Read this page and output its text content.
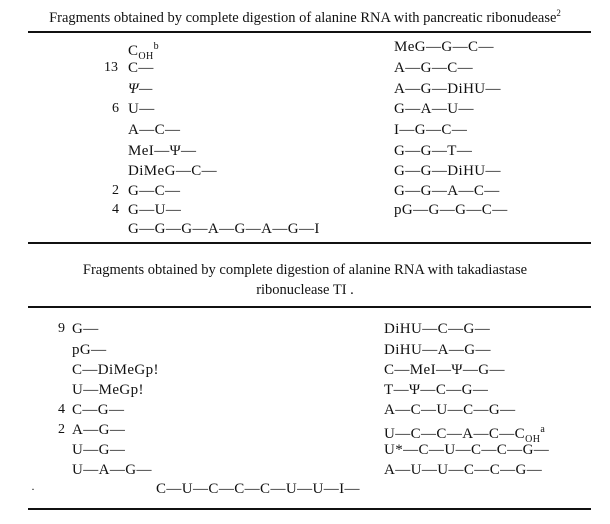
Fragments obtained by complete digestion of alanine RNA with pancreatic ribonudease$^2$
$C_{OH}^b$
13 C—
Ψ—
6 U—
A—C—
MeI—Ψ—
DiMeG—C—
2 G—C—
4 G—U—
G—G—G—A—G—A—G—I
MeG—G—C—
A—G—C—
A—G—DiHU—
G—A—U—
I—G—C—
G—G—T—
G—G—DiHU—
G—G—A—C—
pG—G—G—C—
Fragments obtained by complete digestion of alanine RNA with takadiastase
ribonuclease TI .
9 G—
pG—
C—DiMeGp!
U—MeGp!
4 C—G—
2 A—G—
U—G—
U—A—G—
DiHU—C—G—
DiHU—A—G—
C—MeI—Ψ—G—
T—Ψ—C—G—
A—C—U—C—G—
$U—C—C—A—C—C_{OH}^a$
U*—C—U—C—C—G—
A—U—U—C—C—G—
·	C—U—C—C—C—U—U—I—
